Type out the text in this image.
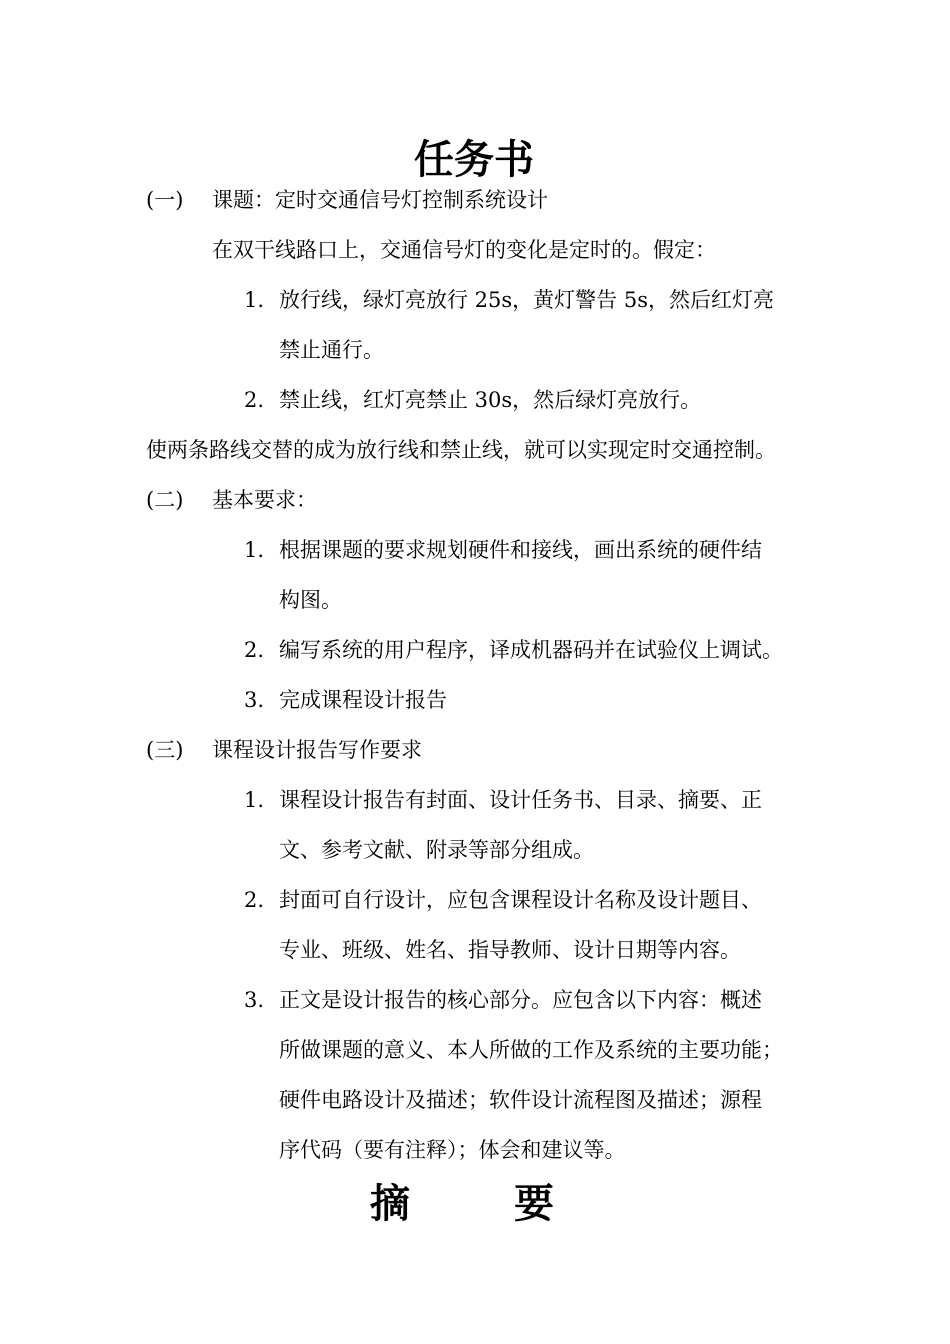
任务书
(一) 课题：定时交通信号灯控制系统设计
在双干线路口上，交通信号灯的变化是定时的。假定：
1. 放行线，绿灯亮放行 25s，黄灯警告 5s，然后红灯亮
禁止通行。
2. 禁止线，红灯亮禁止 30s，然后绿灯亮放行。
使两条路线交替的成为放行线和禁止线，就可以实现定时交通控制。
(二) 基本要求：
1. 根据课题的要求规划硬件和接线，画出系统的硬件结
构图。
2. 编写系统的用户程序，译成机器码并在试验仪上调试。
3. 完成课程设计报告
(三) 课程设计报告写作要求
1. 课程设计报告有封面、设计任务书、目录、摘要、正
文、参考文献、附录等部分组成。
2. 封面可自行设计，应包含课程设计名称及设计题目、
专业、班级、姓名、指导教师、设计日期等内容。
3. 正文是设计报告的核心部分。应包含以下内容：概述
所做课题的意义、本人所做的工作及系统的主要功能；
硬件电路设计及描述；软件设计流程图及描述；源程
序代码（要有注释）；体会和建议等。
摘	要
